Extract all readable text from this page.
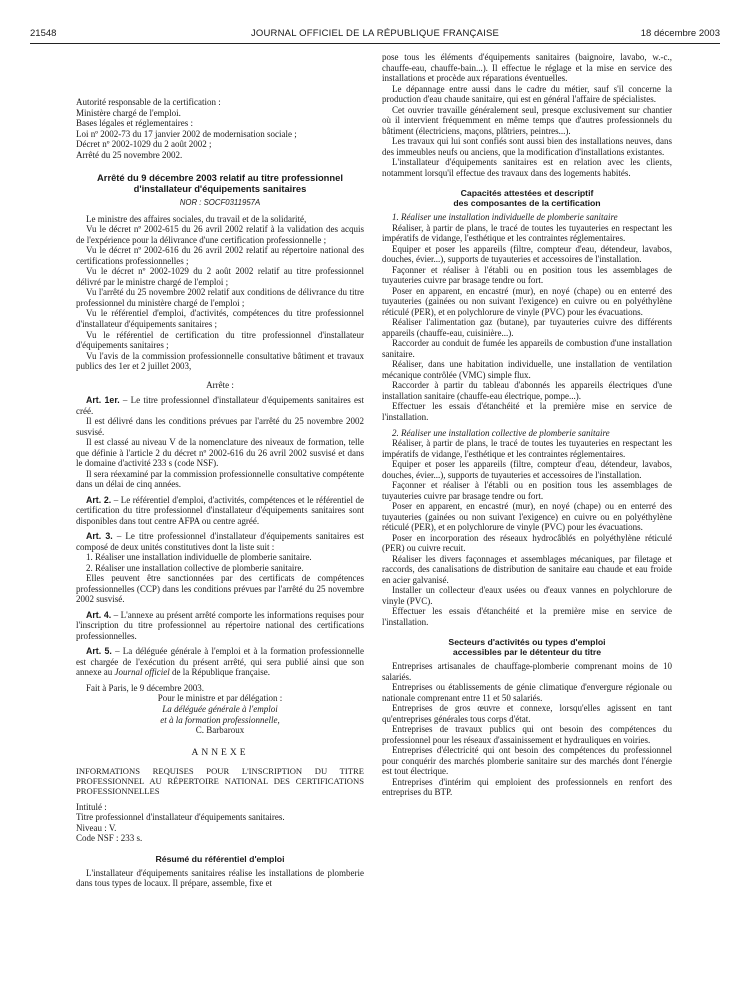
21548	JOURNAL OFFICIEL DE LA RÉPUBLIQUE FRANÇAISE	18 décembre 2003

Autorité responsable de la certification :

Ministère chargé de l'emploi.

Bases légales et réglementaires :

Loi nº 2002-73 du 17 janvier 2002 de modernisation sociale ;

Décret nº 2002-1029 du 2 août 2002 ;

Arrêté du 25 novembre 2002.

Arrêté du 9 décembre 2003 relatif au titre professionnel
d'installateur d'équipements sanitaires
NOR : SOCF0311957A

Le ministre des affaires sociales, du travail et de la solidarité,

Vu le décret nº 2002-615 du 26 avril 2002 relatif à la validation des acquis de l'expérience pour la délivrance d'une certification professionnelle ;

Vu le décret nº 2002-616 du 26 avril 2002 relatif au répertoire national des certifications professionnelles ;

Vu le décret nº 2002-1029 du 2 août 2002 relatif au titre professionnel délivré par le ministre chargé de l'emploi ;

Vu l'arrêté du 25 novembre 2002 relatif aux conditions de délivrance du titre professionnel du ministère chargé de l'emploi ;

Vu le référentiel d'emploi, d'activités, compétences du titre professionnel d'installateur d'équipements sanitaires ;

Vu le référentiel de certification du titre professionnel d'installateur d'équipements sanitaires ;

Vu l'avis de la commission professionnelle consultative bâtiment et travaux publics des 1er et 2 juillet 2003,

Arrête :

Art. 1er. – Le titre professionnel d'installateur d'équipements sanitaires est créé.

Il est délivré dans les conditions prévues par l'arrêté du 25 novembre 2002 susvisé.

Il est classé au niveau V de la nomenclature des niveaux de formation, telle que définie à l'article 2 du décret nº 2002-616 du 26 avril 2002 susvisé et dans le domaine d'activité 233 s (code NSF).

Il sera réexaminé par la commission professionnelle consultative compétente dans un délai de cinq années.

Art. 2. – Le référentiel d'emploi, d'activités, compétences et le référentiel de certification du titre professionnel d'installateur d'équipements sanitaires sont disponibles dans tout centre AFPA ou centre agréé.

Art. 3. – Le titre professionnel d'installateur d'équipements sanitaires est composé de deux unités constitutives dont la liste suit :

1. Réaliser une installation individuelle de plomberie sanitaire.

2. Réaliser une installation collective de plomberie sanitaire.

Elles peuvent être sanctionnées par des certificats de compétences professionnelles (CCP) dans les conditions prévues par l'arrêté du 25 novembre 2002 susvisé.

Art. 4. – L'annexe au présent arrêté comporte les informations requises pour l'inscription du titre professionnel au répertoire national des certifications professionnelles.

Art. 5. – La déléguée générale à l'emploi et à la formation professionnelle est chargée de l'exécution du présent arrêté, qui sera publié ainsi que son annexe au Journal officiel de la République française.

Fait à Paris, le 9 décembre 2003.

Pour le ministre et par délégation :

La déléguée générale à l'emploi

et à la formation professionnelle,

C. Barbaroux

ANNEXE

INFORMATIONS REQUISES POUR L'INSCRIPTION DU TITRE PROFESSIONNEL AU RÉPERTOIRE NATIONAL DES CERTIFICATIONS PROFESSIONNELLES

Intitulé :

Titre professionnel d'installateur d'équipements sanitaires.

Niveau : V.

Code NSF : 233 s.

Résumé du référentiel d'emploi

L'installateur d'équipements sanitaires réalise les installations de plomberie dans tous types de locaux. Il prépare, assemble, fixe et

pose tous les éléments d'équipements sanitaires (baignoire, lavabo, w.-c., chauffe-eau, chauffe-bain...). Il effectue le réglage et la mise en service des installations et procède aux réparations éventuelles.

Le dépannage entre aussi dans le cadre du métier, sauf s'il concerne la production d'eau chaude sanitaire, qui est en général l'affaire de spécialistes.

Cet ouvrier travaille généralement seul, presque exclusivement sur chantier où il intervient fréquemment en même temps que d'autres professionnels du bâtiment (électriciens, maçons, plâtriers, peintres...).

Les travaux qui lui sont confiés sont aussi bien des installations neuves, dans des immeubles neufs ou anciens, que la modification d'installations existantes.

L'installateur d'équipements sanitaires est en relation avec les clients, notamment lorsqu'il effectue des travaux dans des logements habités.

Capacités attestées et descriptif
des composantes de la certification

1. Réaliser une installation individuelle de plomberie sanitaire

Réaliser, à partir de plans, le tracé de toutes les tuyauteries en respectant les impératifs de vidange, l'esthétique et les contraintes réglementaires.

Equiper et poser les appareils (filtre, compteur d'eau, détendeur, lavabos, douches, évier...), supports de tuyauteries et accessoires de l'installation.

Façonner et réaliser à l'établi ou en position tous les assemblages de tuyauteries cuivre par brasage tendre ou fort.

Poser en apparent, en encastré (mur), en noyé (chape) ou en enterré des tuyauteries (gainées ou non suivant l'exigence) en cuivre ou en polyéthylène réticulé (PER), et en polychlorure de vinyle (PVC) pour les évacuations.

Réaliser l'alimentation gaz (butane), par tuyauteries cuivre des différents appareils (chauffe-eau, cuisinière...).

Raccorder au conduit de fumée les appareils de combustion d'une installation sanitaire.

Réaliser, dans une habitation individuelle, une installation de ventilation mécanique contrôlée (VMC) simple flux.

Raccorder à partir du tableau d'abonnés les appareils électriques d'une installation sanitaire (chauffe-eau électrique, pompe...).

Effectuer les essais d'étanchéité et la première mise en service de l'installation.

2. Réaliser une installation collective de plomberie sanitaire

Réaliser, à partir de plans, le tracé de toutes les tuyauteries en respectant les impératifs de vidange, l'esthétique et les contraintes réglementaires.

Equiper et poser les appareils (filtre, compteur d'eau, détendeur, lavabos, douches, évier...), supports de tuyauteries et accessoires de l'installation.

Façonner et réaliser à l'établi ou en position tous les assemblages de tuyauteries cuivre par brasage tendre ou fort.

Poser en apparent, en encastré (mur), en noyé (chape) ou en enterré des tuyauteries (gainées ou non suivant l'exigence) en cuivre ou en polyéthylène réticulé (PER), et en polychlorure de vinyle (PVC) pour les évacuations.

Poser en incorporation des réseaux hydrocâblés en polyéthylène réticulé (PER) ou cuivre recuit.

Réaliser les divers façonnages et assemblages mécaniques, par filetage et raccords, des canalisations de distribution de sanitaire eau chaude et eau froide en acier galvanisé.

Installer un collecteur d'eaux usées ou d'eaux vannes en polychlorure de vinyle (PVC).

Effectuer les essais d'étanchéité et la première mise en service de l'installation.

Secteurs d'activités ou types d'emploi
accessibles par le détenteur du titre

Entreprises artisanales de chauffage-plomberie comprenant moins de 10 salariés.

Entreprises ou établissements de génie climatique d'envergure régionale ou nationale comprenant entre 11 et 50 salariés.

Entreprises de gros œuvre et connexe, lorsqu'elles agissent en tant qu'entreprises générales tous corps d'état.

Entreprises de travaux publics qui ont besoin des compétences du professionnel pour les réseaux d'assainissement et hydrauliques en voiries.

Entreprises d'électricité qui ont besoin des compétences du professionnel pour conquérir des marchés plomberie sanitaire sur des marchés dont l'énergie est tout électrique.

Entreprises d'intérim qui emploient des professionnels en renfort des entreprises du BTP.
